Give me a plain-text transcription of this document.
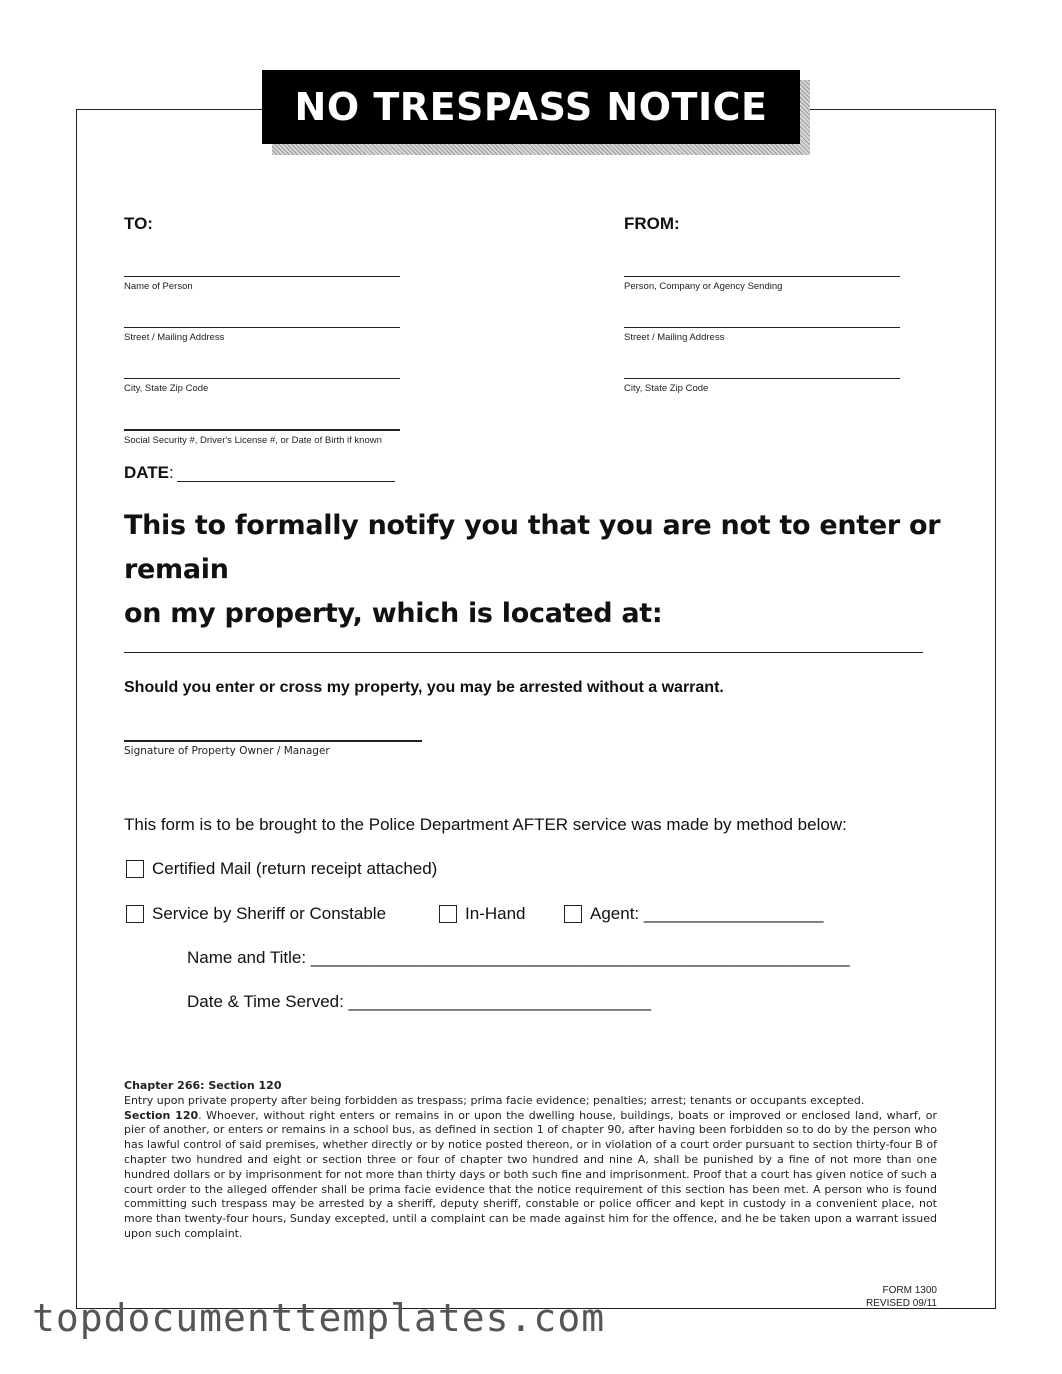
NO TRESPASS NOTICE
TO:
Name of Person
Street / Mailing Address
City, State Zip Code
Social Security #, Driver's License #, or Date of Birth if known
FROM:
Person, Company or Agency Sending
Street / Mailing Address
City, State Zip Code
DATE:
This to formally notify you that you are not to enter or remain
on my property, which is located at:
Should you enter or cross my property, you may be arrested without a warrant.
Signature of Property Owner / Manager
This form is to be brought to the Police Department AFTER service was made by method below:
Certified Mail (return receipt attached)
Service by Sheriff or Constable	In-Hand	Agent: ___________________
Name and Title: _________________________________________________________
Date & Time Served: ________________________________
Chapter 266: Section 120
Entry upon private property after being forbidden as trespass; prima facie evidence; penalties; arrest; tenants or occupants excepted.
Section 120. Whoever, without right enters or remains in or upon the dwelling house, buildings, boats or improved or enclosed land, wharf, or pier of another, or enters or remains in a school bus, as defined in section 1 of chapter 90, after having been forbidden so to do by the person who has lawful control of said premises, whether directly or by notice posted thereon, or in violation of a court order pursuant to section thirty-four B of chapter two hundred and eight or section three or four of chapter two hundred and nine A, shall be punished by a fine of not more than one hundred dollars or by imprisonment for not more than thirty days or both such fine and imprisonment. Proof that a court has given notice of such a court order to the alleged offender shall be prima facie evidence that the notice requirement of this section has been met. A person who is found committing such trespass may be arrested by a sheriff, deputy sheriff, constable or police officer and kept in custody in a convenient place, not more than twenty-four hours, Sunday excepted, until a complaint can be made against him for the offence, and he be taken upon a warrant issued upon such complaint.
FORM 1300
REVISED 09/11
topdocumenttemplates.com
